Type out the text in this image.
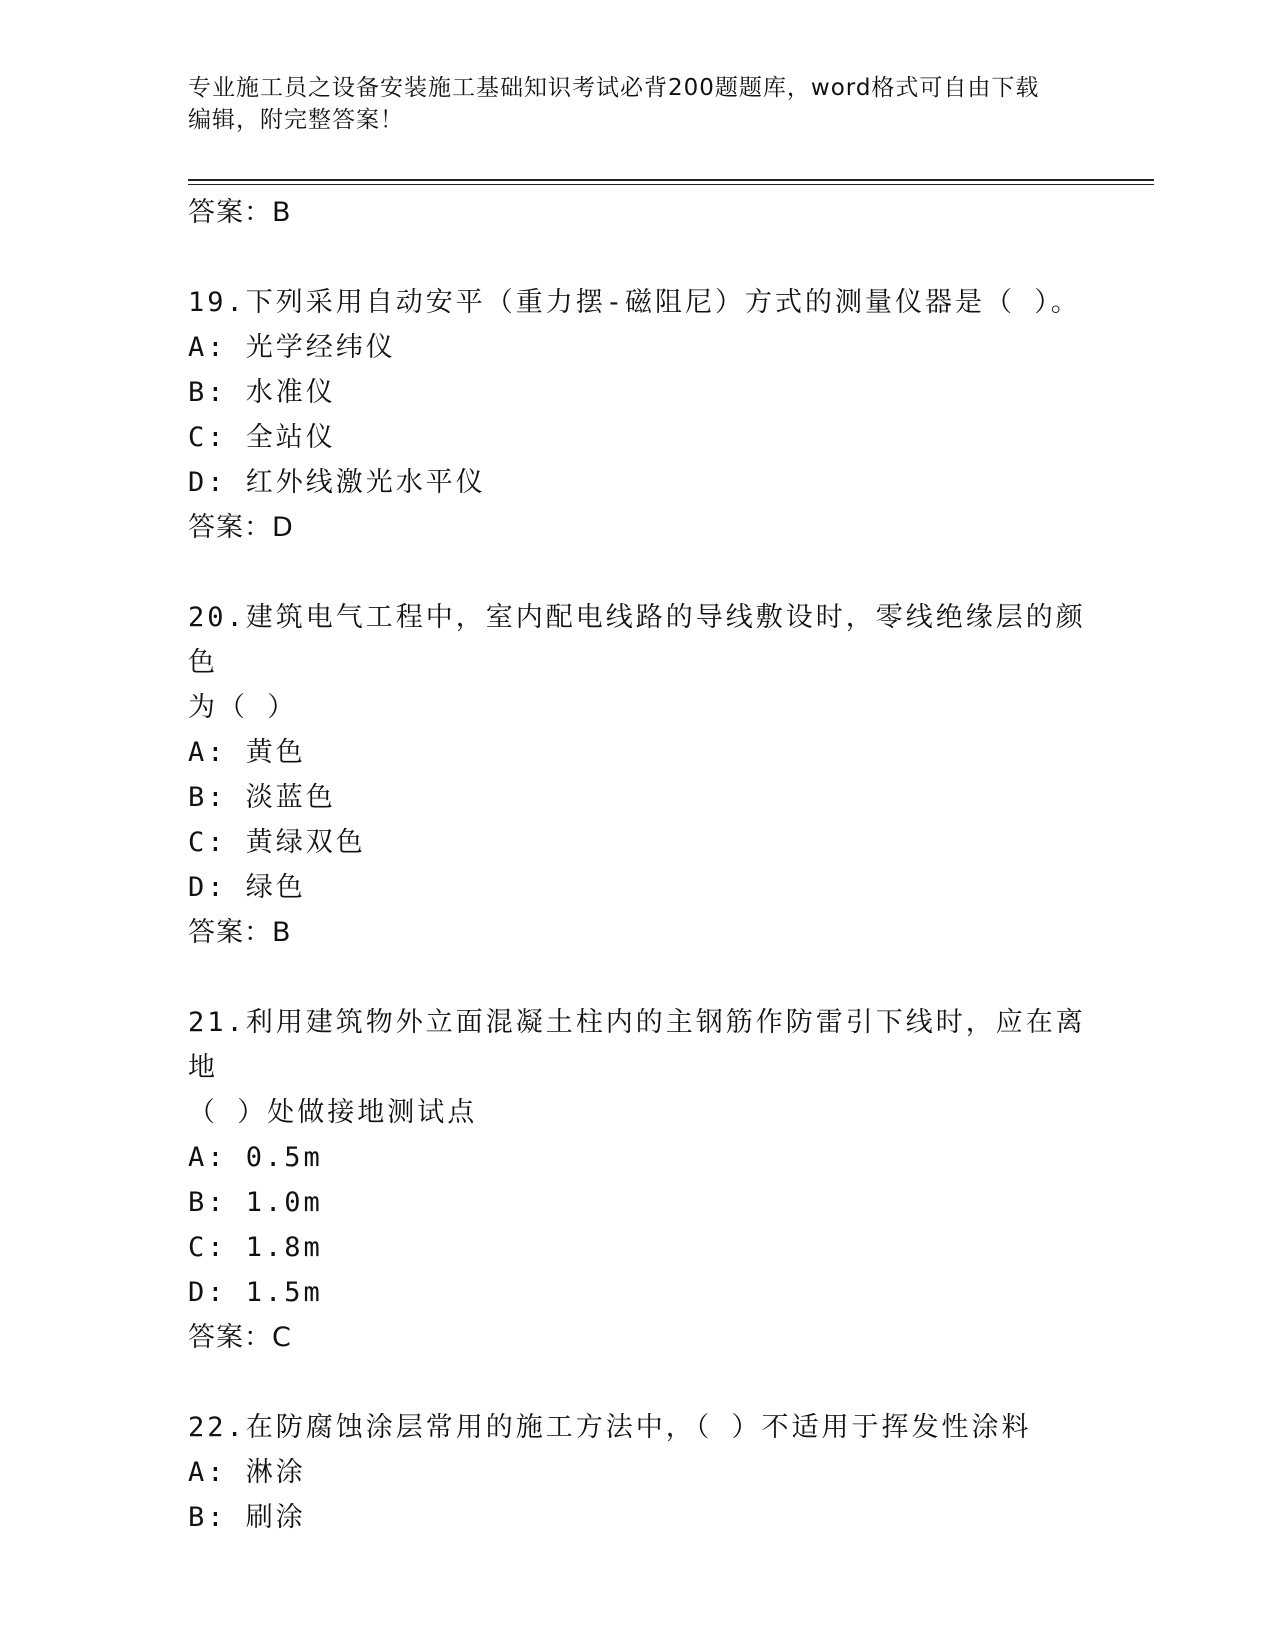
专业施工员之设备安装施工基础知识考试必背200题题库，word格式可自由下载
编辑，附完整答案！
答案：B
19.下列采用自动安平（重力摆-磁阻尼）方式的测量仪器是（ ）。
A: 光学经纬仪
B: 水准仪
C: 全站仪
D: 红外线激光水平仪
答案：D
20.建筑电气工程中，室内配电线路的导线敷设时，零线绝缘层的颜色
为（ ）
A: 黄色
B: 淡蓝色
C: 黄绿双色
D: 绿色
答案：B
21.利用建筑物外立面混凝土柱内的主钢筋作防雷引下线时，应在离地
（ ）处做接地测试点
A: 0.5m
B: 1.0m
C: 1.8m
D: 1.5m
答案：C
22.在防腐蚀涂层常用的施工方法中，（ ）不适用于挥发性涂料
A: 淋涂
B: 刷涂
